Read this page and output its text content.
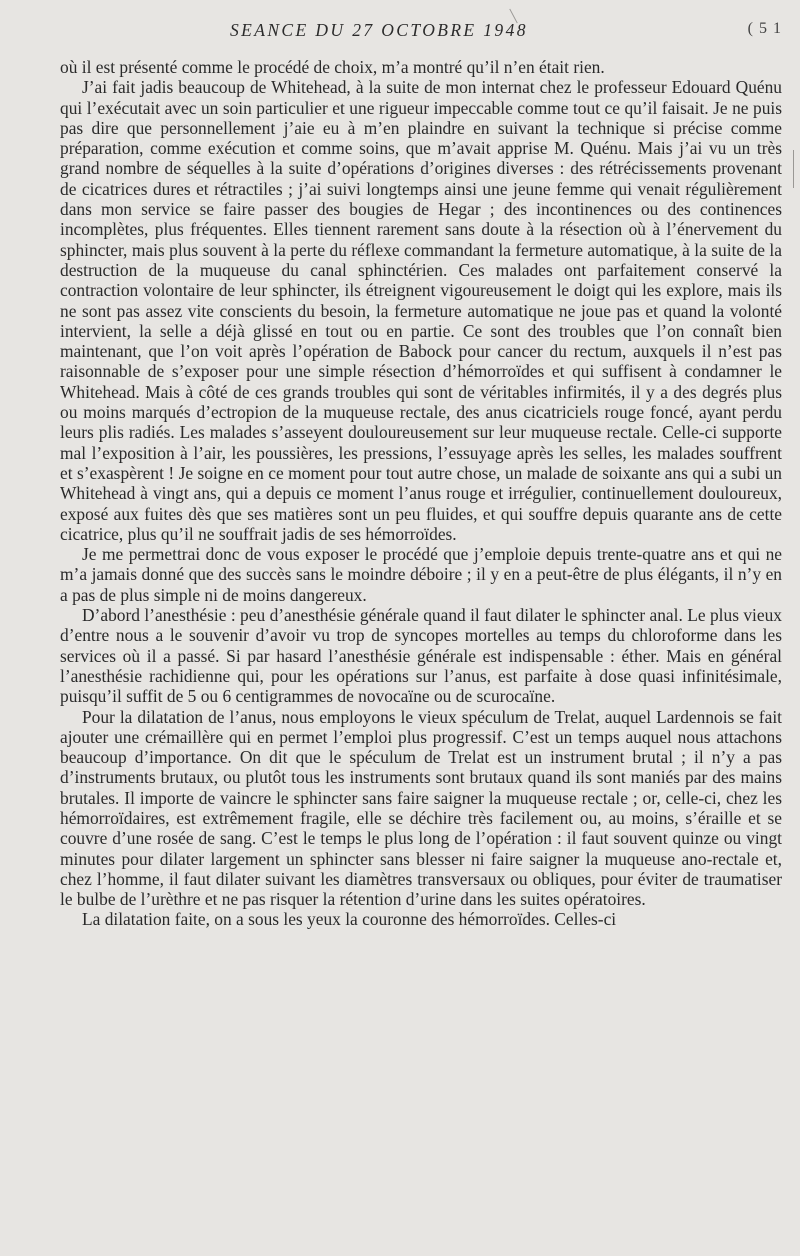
SEANCE DU 27 OCTOBRE 1948	( 5 1

où il est présenté comme le procédé de choix, m’a montré qu’il n’en était rien.

J’ai fait jadis beaucoup de Whitehead, à la suite de mon internat chez le professeur Edouard Quénu qui l’exécutait avec un soin particulier et une rigueur impeccable comme tout ce qu’il faisait. Je ne puis pas dire que personnellement j’aie eu à m’en plaindre en suivant la technique si précise comme préparation, comme exécution et comme soins, que m’avait apprise M. Quénu. Mais j’ai vu un très grand nombre de séquelles à la suite d’opérations d’origines diverses : des rétrécissements provenant de cicatrices dures et rétractiles ; j’ai suivi longtemps ainsi une jeune femme qui venait régulièrement dans mon service se faire passer des bougies de Hegar ; des incontinences ou des continences incomplètes, plus fréquentes. Elles tiennent rarement sans doute à la résection où à l’énervement du sphincter, mais plus souvent à la perte du réflexe commandant la fermeture automatique, à la suite de la destruction de la muqueuse du canal sphinctérien. Ces malades ont parfaitement conservé la contraction volontaire de leur sphincter, ils étreignent vigoureusement le doigt qui les explore, mais ils ne sont pas assez vite conscients du besoin, la fermeture automatique ne joue pas et quand la volonté intervient, la selle a déjà glissé en tout ou en partie. Ce sont des troubles que l’on connaît bien maintenant, que l’on voit après l’opération de Babock pour cancer du rectum, auxquels il n’est pas raisonnable de s’exposer pour une simple résection d’hémorroïdes et qui suffisent à condamner le Whitehead. Mais à côté de ces grands troubles qui sont de véritables infirmités, il y a des degrés plus ou moins marqués d’ectropion de la muqueuse rectale, des anus cicatriciels rouge foncé, ayant perdu leurs plis radiés. Les malades s’asseyent douloureusement sur leur muqueuse rectale. Celle-ci supporte mal l’exposition à l’air, les poussières, les pressions, l’essuyage après les selles, les malades souffrent et s’exaspèrent ! Je soigne en ce moment pour tout autre chose, un malade de soixante ans qui a subi un Whitehead à vingt ans, qui a depuis ce moment l’anus rouge et irrégulier, continuellement douloureux, exposé aux fuites dès que ses matières sont un peu fluides, et qui souffre depuis quarante ans de cette cicatrice, plus qu’il ne souffrait jadis de ses hémorroïdes.

Je me permettrai donc de vous exposer le procédé que j’emploie depuis trente-quatre ans et qui ne m’a jamais donné que des succès sans le moindre déboire ; il y en a peut-être de plus élégants, il n’y en a pas de plus simple ni de moins dangereux.

D’abord l’anesthésie : peu d’anesthésie générale quand il faut dilater le sphincter anal. Le plus vieux d’entre nous a le souvenir d’avoir vu trop de syncopes mortelles au temps du chloroforme dans les services où il a passé. Si par hasard l’anesthésie générale est indispensable : éther. Mais en général l’anesthésie rachidienne qui, pour les opérations sur l’anus, est parfaite à dose quasi infinitésimale, puisqu’il suffit de 5 ou 6 centigrammes de novocaïne ou de scurocaïne.

Pour la dilatation de l’anus, nous employons le vieux spéculum de Trelat, auquel Lardennois se fait ajouter une crémaillère qui en permet l’emploi plus progressif. C’est un temps auquel nous attachons beaucoup d’importance. On dit que le spéculum de Trelat est un instrument brutal ; il n’y a pas d’instruments brutaux, ou plutôt tous les instruments sont brutaux quand ils sont maniés par des mains brutales. Il importe de vaincre le sphincter sans faire saigner la muqueuse rectale ; or, celle-ci, chez les hémorroïdaires, est extrêmement fragile, elle se déchire très facilement ou, au moins, s’éraille et se couvre d’une rosée de sang. C’est le temps le plus long de l’opération : il faut souvent quinze ou vingt minutes pour dilater largement un sphincter sans blesser ni faire saigner la muqueuse ano-rectale et, chez l’homme, il faut dilater suivant les diamètres transversaux ou obliques, pour éviter de traumatiser le bulbe de l’urèthre et ne pas risquer la rétention d’urine dans les suites opératoires.

La dilatation faite, on a sous les yeux la couronne des hémorroïdes. Celles-ci
